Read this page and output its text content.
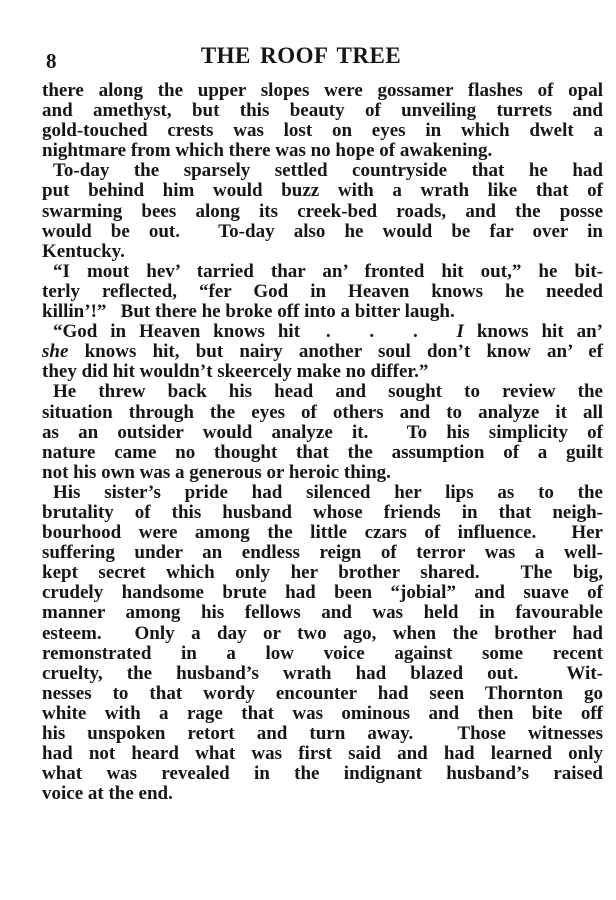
8	THE ROOF TREE
there along the upper slopes were gossamer flashes of opal
and amethyst, but this beauty of unveiling turrets and
gold-touched crests was lost on eyes in which dwelt a
nightmare from which there was no hope of awakening.
To-day the sparsely settled countryside that he had
put behind him would buzz with a wrath like that of
swarming bees along its creek-bed roads, and the posse
would be out.  To-day also he would be far over in
Kentucky.
“I mout hev’ tarried thar an’ fronted hit out,” he bit-
terly reflected, “fer God in Heaven knows he needed
killin’!”   But there he broke off into a bitter laugh.
“God in Heaven knows hit  .   .   .   I knows hit an’
she knows hit, but nairy another soul don’t know an’ ef
they did hit wouldn’t skeercely make no differ.”
He threw back his head and sought to review the
situation through the eyes of others and to analyze it all
as an outsider would analyze it.  To his simplicity of
nature came no thought that the assumption of a guilt
not his own was a generous or heroic thing.
His sister’s pride had silenced her lips as to the
brutality of this husband whose friends in that neigh-
bourhood were among the little czars of influence.  Her
suffering under an endless reign of terror was a well-
kept secret which only her brother shared.  The big,
crudely handsome brute had been “jobial” and suave of
manner among his fellows and was held in favourable
esteem.  Only a day or two ago, when the brother had
remonstrated in a low voice against some recent
cruelty, the husband’s wrath had blazed out.  Wit-
nesses to that wordy encounter had seen Thornton go
white with a rage that was ominous and then bite off
his unspoken retort and turn away.  Those witnesses
had not heard what was first said and had learned only
what was revealed in the indignant husband’s raised
voice at the end.
